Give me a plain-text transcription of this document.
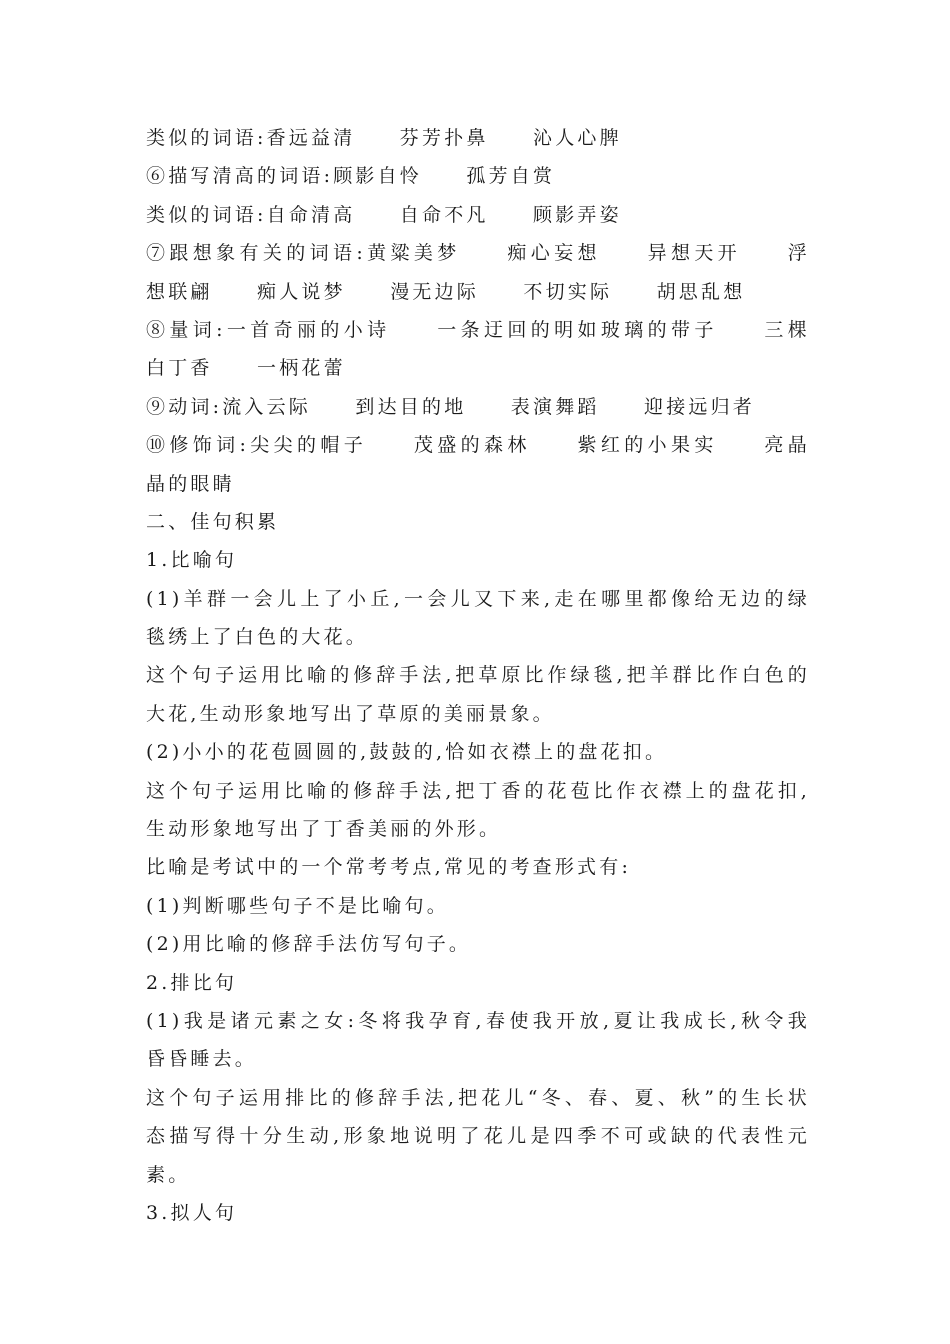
类似的词语:香远益清　　芬芳扑鼻　　沁人心脾
⑥描写清高的词语:顾影自怜　　孤芳自赏
类似的词语:自命清高　　自命不凡　　顾影弄姿
⑦跟想象有关的词语:黄粱美梦　　痴心妄想　　异想天开　　浮
想联翩　　痴人说梦　　漫无边际　　不切实际　　胡思乱想
⑧量词:一首奇丽的小诗　　一条迂回的明如玻璃的带子　　三棵
白丁香　　一柄花蕾
⑨动词:流入云际　　到达目的地　　表演舞蹈　　迎接远归者
⑩修饰词:尖尖的帽子　　茂盛的森林　　紫红的小果实　　亮晶
晶的眼睛
二、佳句积累
1.比喻句
(1)羊群一会儿上了小丘,一会儿又下来,走在哪里都像给无边的绿
毯绣上了白色的大花。
这个句子运用比喻的修辞手法,把草原比作绿毯,把羊群比作白色的
大花,生动形象地写出了草原的美丽景象。
(2)小小的花苞圆圆的,鼓鼓的,恰如衣襟上的盘花扣。
这个句子运用比喻的修辞手法,把丁香的花苞比作衣襟上的盘花扣,
生动形象地写出了丁香美丽的外形。
比喻是考试中的一个常考考点,常见的考查形式有:
(1)判断哪些句子不是比喻句。
(2)用比喻的修辞手法仿写句子。
2.排比句
(1)我是诸元素之女:冬将我孕育,春使我开放,夏让我成长,秋令我
昏昏睡去。
这个句子运用排比的修辞手法,把花儿“冬、春、夏、秋”的生长状
态描写得十分生动,形象地说明了花儿是四季不可或缺的代表性元
素。
3.拟人句
